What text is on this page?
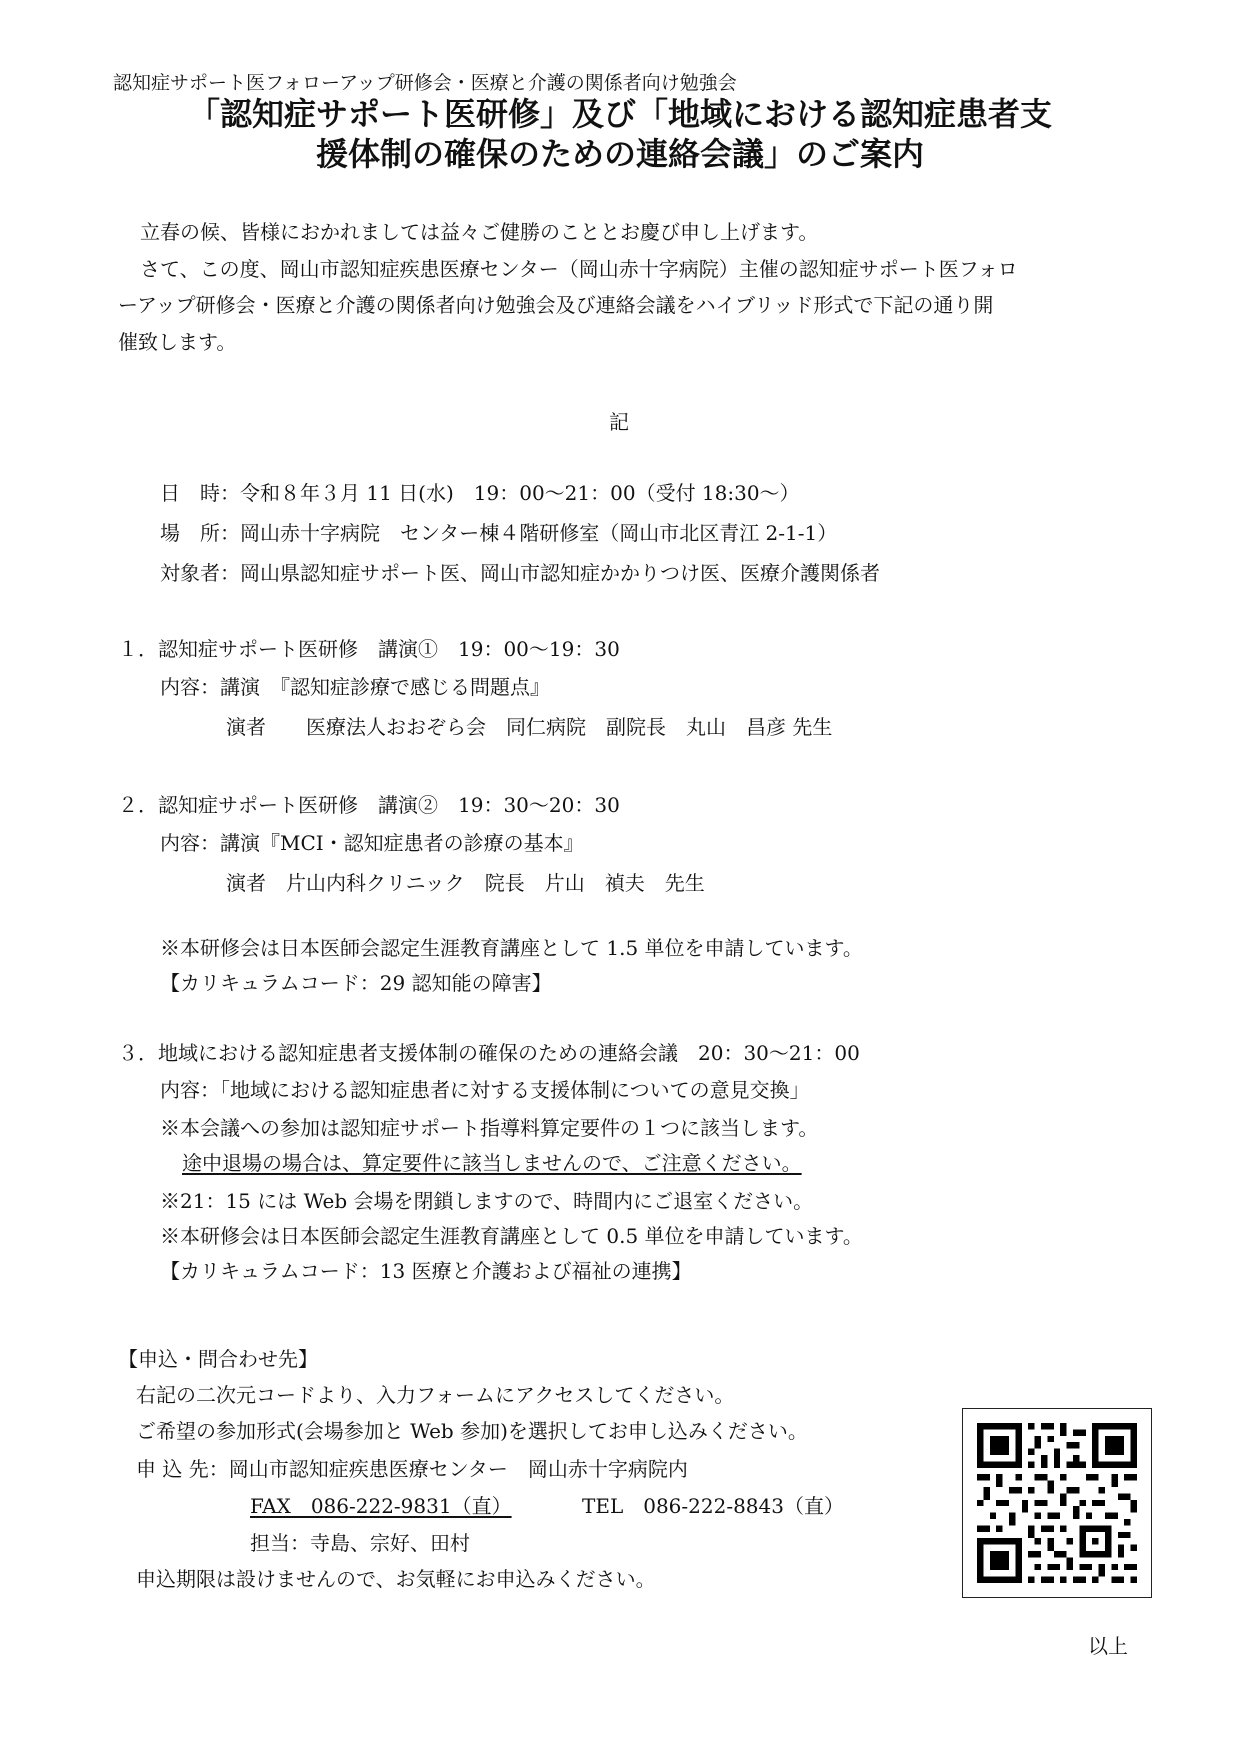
認知症サポート医フォローアップ研修会・医療と介護の関係者向け勉強会
「認知症サポート医研修」及び「地域における認知症患者支
援体制の確保のための連絡会議」のご案内
立春の候、皆様におかれましては益々ご健勝のこととお慶び申し上げます。
さて、この度、岡山市認知症疾患医療センター（岡山赤十字病院）主催の認知症サポート医フォロ
ーアップ研修会・医療と介護の関係者向け勉強会及び連絡会議をハイブリッド形式で下記の通り開
催致します。
記
日　時：令和８年３月 11 日(水)　19：00～21：00（受付 18:30～）
場　所：岡山赤十字病院　センター棟４階研修室（岡山市北区青江 2-1-1）
対象者：岡山県認知症サポート医、岡山市認知症かかりつけ医、医療介護関係者
１．認知症サポート医研修　講演①　19：00～19：30
内容：講演　『認知症診療で感じる問題点』
演者　　医療法人おおぞら会　同仁病院　副院長　丸山　昌彦 先生
２．認知症サポート医研修　講演②　19：30～20：30
内容：講演『MCI・認知症患者の診療の基本』
演者　片山内科クリニック　院長　片山　禎夫　先生
※本研修会は日本医師会認定生涯教育講座として 1.5 単位を申請しています。
【カリキュラムコード：29 認知能の障害】
３．地域における認知症患者支援体制の確保のための連絡会議　20：30～21：00
内容：「地域における認知症患者に対する支援体制についての意見交換」
※本会議への参加は認知症サポート指導料算定要件の１つに該当します。
途中退場の場合は、算定要件に該当しませんので、ご注意ください。
※21：15 には Web 会場を閉鎖しますので、時間内にご退室ください。
※本研修会は日本医師会認定生涯教育講座として 0.5 単位を申請しています。
【カリキュラムコード：13 医療と介護および福祉の連携】
【申込・問合わせ先】
右記の二次元コードより、入力フォームにアクセスしてください。
ご希望の参加形式(会場参加と Web 参加)を選択してお申し込みください。
申 込 先：岡山市認知症疾患医療センター　岡山赤十字病院内
FAX　086-222-9831（直）	TEL　086-222-8843（直）
担当：寺島、宗好、田村
申込期限は設けませんので、お気軽にお申込みください。
以上
